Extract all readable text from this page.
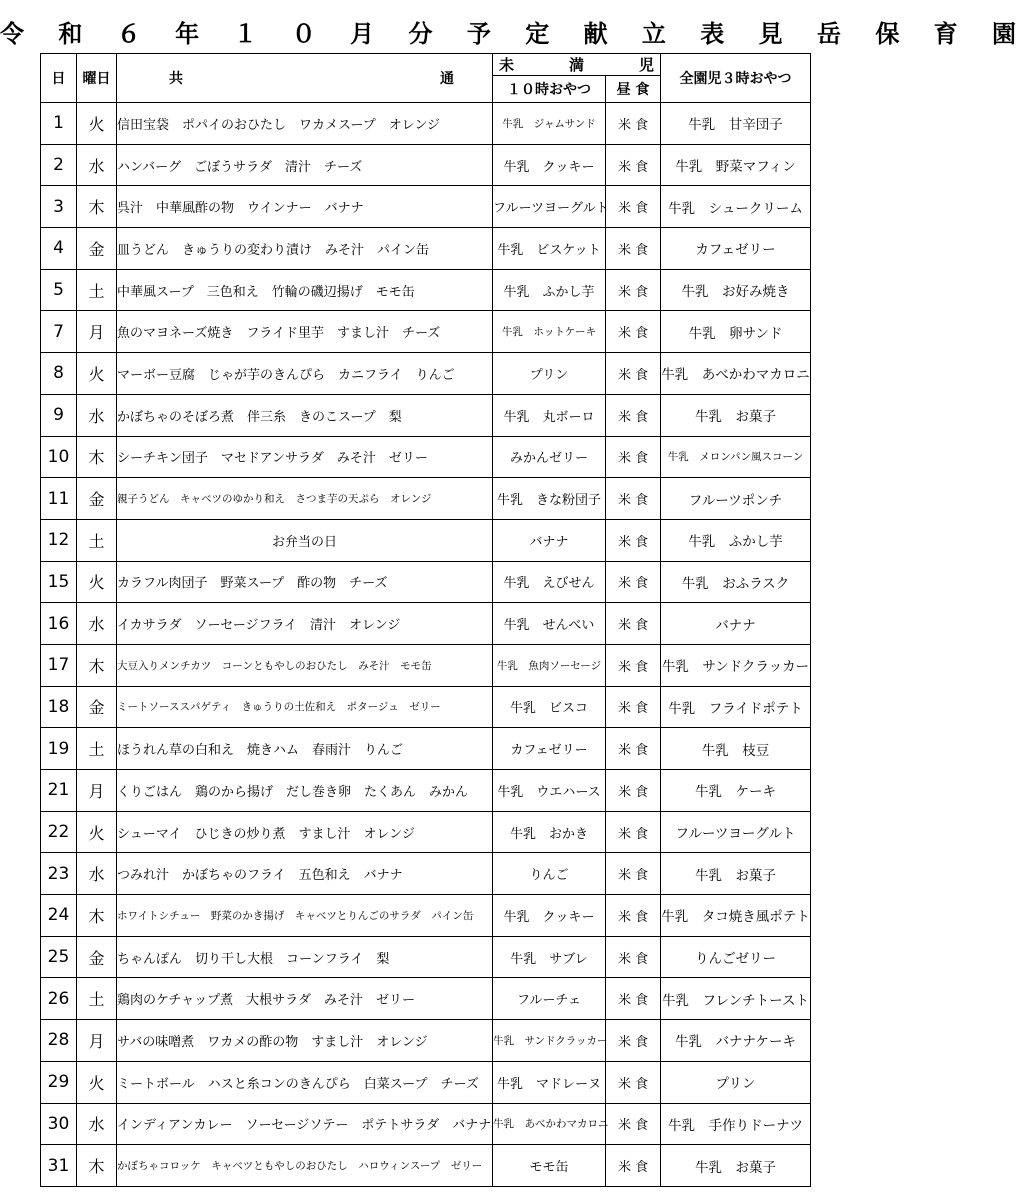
令 和 ６ 年 １ ０ 月 分 予 定 献 立 表 見 岳 保 育 園
日	曜日	共 通	未 満 児		全園児３時おやつ
			１０時おやつ	昼 食	
1	火	信田宝袋　ポパイのおひたし　ワカメスープ　オレンジ	牛乳　ジャムサンド	米 食	牛乳　甘辛団子
2	水	ハンバーグ　ごぼうサラダ　清汁　チーズ	牛乳　クッキー	米 食	牛乳　野菜マフィン
3	木	呉汁　中華風酢の物　ウインナー　バナナ	フルーツヨーグルト	米 食	牛乳　シュークリーム
4	金	皿うどん　きゅうりの変わり漬け　みそ汁　パイン缶	牛乳　ビスケット	米 食	カフェゼリー
5	土	中華風スープ　三色和え　竹輪の磯辺揚げ　モモ缶	牛乳　ふかし芋	米 食	牛乳　お好み焼き
7	月	魚のマヨネーズ焼き　フライド里芋　すまし汁　チーズ	牛乳　ホットケーキ	米 食	牛乳　卵サンド
8	火	マーボー豆腐　じゃが芋のきんぴら　カニフライ　りんご	プリン	米 食	牛乳　あべかわマカロニ
9	水	かぼちゃのそぼろ煮　伴三糸　きのこスープ　梨	牛乳　丸ボーロ	米 食	牛乳　お菓子
10	木	シーチキン団子　マセドアンサラダ　みそ汁　ゼリー	みかんゼリー	米 食	牛乳　メロンパン風スコーン
11	金	親子うどん　キャベツのゆかり和え　さつま芋の天ぷら　オレンジ	牛乳　きな粉団子	米 食	フルーツポンチ
12	土	お弁当の日	バナナ	米 食	牛乳　ふかし芋
15	火	カラフル肉団子　野菜スープ　酢の物　チーズ	牛乳　えびせん	米 食	牛乳　おふラスク
16	水	イカサラダ　ソーセージフライ　清汁　オレンジ	牛乳　せんべい	米 食	バナナ
17	木	大豆入りメンチカツ　コーンともやしのおひたし　みそ汁　モモ缶	牛乳　魚肉ソーセージ	米 食	牛乳　サンドクラッカー
18	金	ミートソーススパゲティ　きゅうりの土佐和え　ポタージュ　ゼリー	牛乳　ビスコ	米 食	牛乳　フライドポテト
19	土	ほうれん草の白和え　焼きハム　春雨汁　りんご	カフェゼリー	米 食	牛乳　枝豆
21	月	くりごはん　鶏のから揚げ　だし巻き卵　たくあん　みかん	牛乳　ウエハース	米 食	牛乳　ケーキ
22	火	シューマイ　ひじきの炒り煮　すまし汁　オレンジ	牛乳　おかき	米 食	フルーツヨーグルト
23	水	つみれ汁　かぼちゃのフライ　五色和え　バナナ	りんご	米 食	牛乳　お菓子
24	木	ホワイトシチュー　野菜のかき揚げ　キャベツとりんごのサラダ　パイン缶	牛乳　クッキー	米 食	牛乳　タコ焼き風ポテト
25	金	ちゃんぽん　切り干し大根　コーンフライ　梨	牛乳　サブレ	米 食	りんごゼリー
26	土	鶏肉のケチャップ煮　大根サラダ　みそ汁　ゼリー	フルーチェ	米 食	牛乳　フレンチトースト
28	月	サバの味噌煮　ワカメの酢の物　すまし汁　オレンジ	牛乳　サンドクラッカー	米 食	牛乳　バナナケーキ
29	火	ミートボール　ハスと糸コンのきんぴら　白菜スープ　チーズ	牛乳　マドレーヌ	米 食	プリン
30	水	インディアンカレー　ソーセージソテー　ポテトサラダ　バナナ	牛乳　あべかわマカロニ	米 食	牛乳　手作りドーナツ
31	木	かぼちゃコロッケ　キャベツともやしのおひたし　ハロウィンスープ　ゼリー	モモ缶	米 食	牛乳　お菓子
